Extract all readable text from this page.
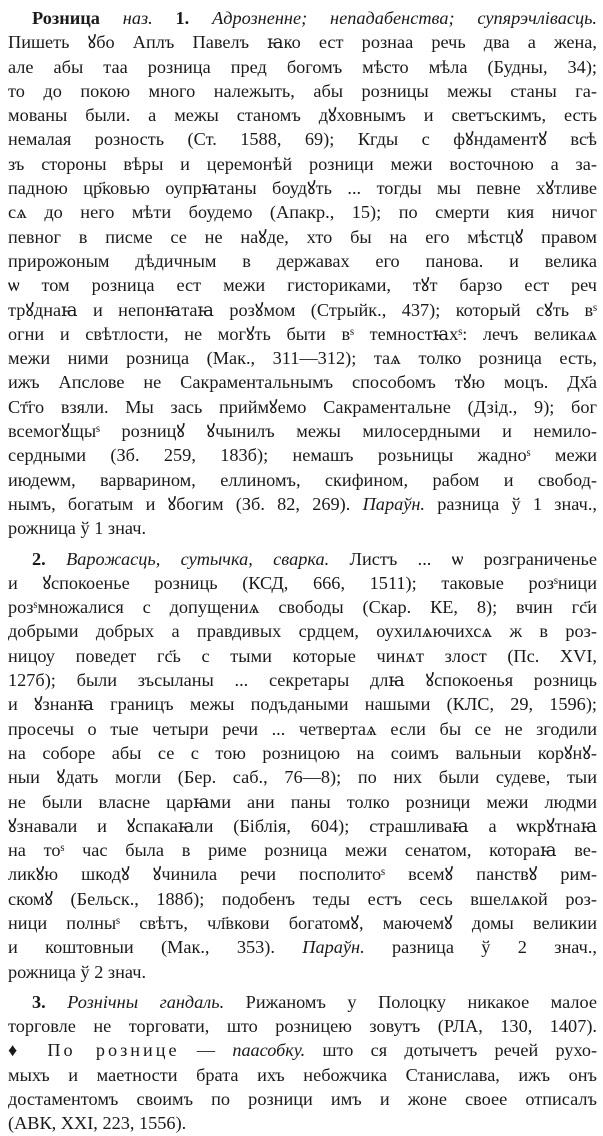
Розница наз. 1. Адрозненне; непадабенства; супярэчлівасць.
Пишеть ꙋбо Аплъ Павелъ ꙗко ест рознаа речь два а жена,
але абы таа розница пред богомъ мѣсто мѣла (Будны, 34);
то до покою много належыть, абы розницы межы станы га-
мованы были. а межы станомъ дꙋховнымъ и светъскимъ, есть
немалая розность (Ст. 1588, 69); Кгды с фꙋндаментꙋ всѣ
зъ стороны вѣры и церемонѣй розници межи восточною а за-
падною цр҃ковью оупрꙗтаны боудꙋть ... тогды мы певне хꙋтливе
сѧ до него мѣти боудемо (Апакр., 15); по смерти кия ничог
певног в писме се не наꙋде, хто бы на его мѣстцꙋ правом
прирожоным дѣдичным в державах его панова. и велика
ѡ том розница ест межи гисториками, тꙋт барзо ест реч
трꙋднаꙗ и непонꙗтаꙗ розꙋмом (Стрыйк., 437); который сꙋть вˢ
огни и свѣтлости, не могꙋть быти вˢ темностꙗхˢ: лечъ великаѧ
межи ними розница (Мак., 311—312); таѧ толко розница есть,
ижъ Апслове не Сакраментальнымъ способомъ тꙋю моцъ. Дх҃а
Ст҃го взяли. Мы зась приймꙋемо Сакраментальне (Дзід., 9); бог
всемогꙋщыˢ розницꙋ ꙋчынилъ межы милосердными и немило-
сердными (Зб. 259, 183б); немашъ розьницы жадноˢ межи
июдеѡм, варварином, еллиномъ, скифином, рабом и свобод-
нымъ, богатым и ꙋбогим (Зб. 82, 269). Параўн. разница ў 1 знач.,
рожница ў 1 знач.
2. Варожасць, сутычка, сварка. Листъ ... ѡ розграниченье
и ꙋспокоенье розниць (КСД, 666, 1511); таковые розˢници
розˢмножалися с допущениѧ свободы (Скар. КЕ, 8); вчин гс҃и
добрыми добрых а правдивых срдцем, оухилѧючихсѧ ж в роз-
ницоу поведет гс҃ь с тыми которые чинѧт злост (Пс. XVI,
127б); были зъсыланы ... секретары длꙗ ꙋспокоенья розниць
и ꙋзнанꙗ границъ межы подъдаными нашыми (КЛС, 29, 1596);
просечы о тые четыри речи ... четвертаѧ если бы се не згодили
на соборе абы се с тою розницою на соимъ вальныи корꙋнꙋ-
ныи ꙋдать могли (Бер. саб., 76—8); по них были судеве, тыи
не были власне царꙗми ани паны толко розници межи людми
ꙋзнавали и ꙋспакаꙗли (Біблія, 604); страшливаꙗ а ѡкрꙋтнаꙗ
на тоˢ час была в риме розница межи сенатом, котораꙗ ве-
ликꙋю шкодꙋ ꙋчинила речи посполитоˢ всемꙋ панствꙋ рим-
скомꙋ (Бельск., 188б); подобенъ теды естъ сесь вшелѧкой роз-
ници полныˢ свѣтъ, чл҃вкови богатомꙋ, маючемꙋ домы великии
и коштовныи (Мак., 353). Параўн. разница ў 2 знач.,
рожница ў 2 знач.
3. Рознічны гандаль. Рижаномъ у Полоцку никакое малое
торговле не торговати, што розницею зовутъ (РЛА, 130, 1407).
♦ По рознице — паасобку. што ся дотычетъ речей рухо-
мыхъ и маетности брата ихъ небожчика Станислава, ижъ онъ
достаментомъ своимъ по розници имъ и жоне своее отписалъ
(АВК, XXI, 223, 1556).
